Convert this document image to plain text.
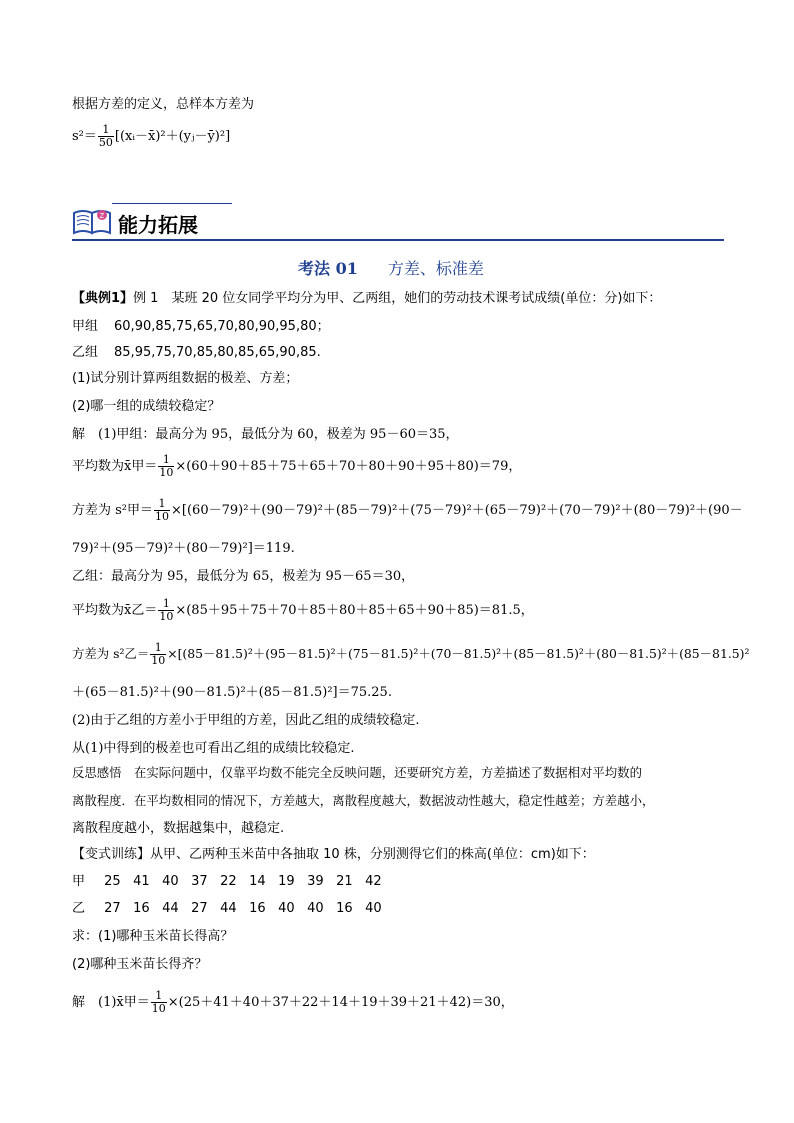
根据方差的定义，总样本方差为
$s^2= \frac{1}{50}$ [(xᵢ－x̄)²＋(yⱼ－ȳ)²]
Z 能力拓展
考法 01 方差、标准差
【典例1】例 1　某班 20 位女同学平均分为甲、乙两组，她们的劳动技术课考试成绩(单位：分)如下：
甲组 60,90,85,75,65,70,80,90,95,80；
乙组 85,95,75,70,85,80,85,65,90,85.
(1)试分别计算两组数据的极差、方差；
(2)哪一组的成绩较稳定？
解　(1)甲组：最高分为 95，最低分为 60，极差为 95－60＝35，
平均数为x̄甲＝ $\frac{1}{10} \times(60+90+85+75+65+70+80+90+95+80)=79$，
方差为 s²甲＝ $\frac{1}{10} \times[(60-79)^2+(90-79)^2+(85-79)^2+(75-79)^2+(65-79)^2+(70-79)^2+(80-79)^2+(90-$
79)²＋(95－79)²＋(80－79)²]＝119.
乙组：最高分为 95，最低分为 65，极差为 95－65＝30，
平均数为x̄乙＝ $\frac{1}{10} \times(85+95+75+70+85+80+85+65+90+85)=81.5$，
方差为 s²乙＝ $\frac{1}{10} \times[(85-81.5)^2+(95-81.5)^2+(75-81.5)^2+(70-81.5)^2+(85-81.5)^2+(80-81.5)^2+(85-81.5)^2$
＋(65－81.5)²＋(90－81.5)²＋(85－81.5)²]＝75.25.
(2)由于乙组的方差小于甲组的方差，因此乙组的成绩较稳定.
从(1)中得到的极差也可看出乙组的成绩比较稳定.
反思感悟　在实际问题中，仅靠平均数不能完全反映问题，还要研究方差，方差描述了数据相对平均数的
离散程度．在平均数相同的情况下，方差越大，离散程度越大，数据波动性越大，稳定性越差；方差越小，
离散程度越小，数据越集中，越稳定.
【变式训练】从甲、乙两种玉米苗中各抽取 10 株，分别测得它们的株高(单位：cm)如下：
甲 25 41 40 37 22 14 19 39 21 42
乙 27 16 44 27 44 16 40 40 16 40
求：(1)哪种玉米苗长得高？
(2)哪种玉米苗长得齐？
解　(1)x̄甲＝ $\frac{1}{10} \times(25+41+40+37+22+14+19+39+21+42)=30$，
